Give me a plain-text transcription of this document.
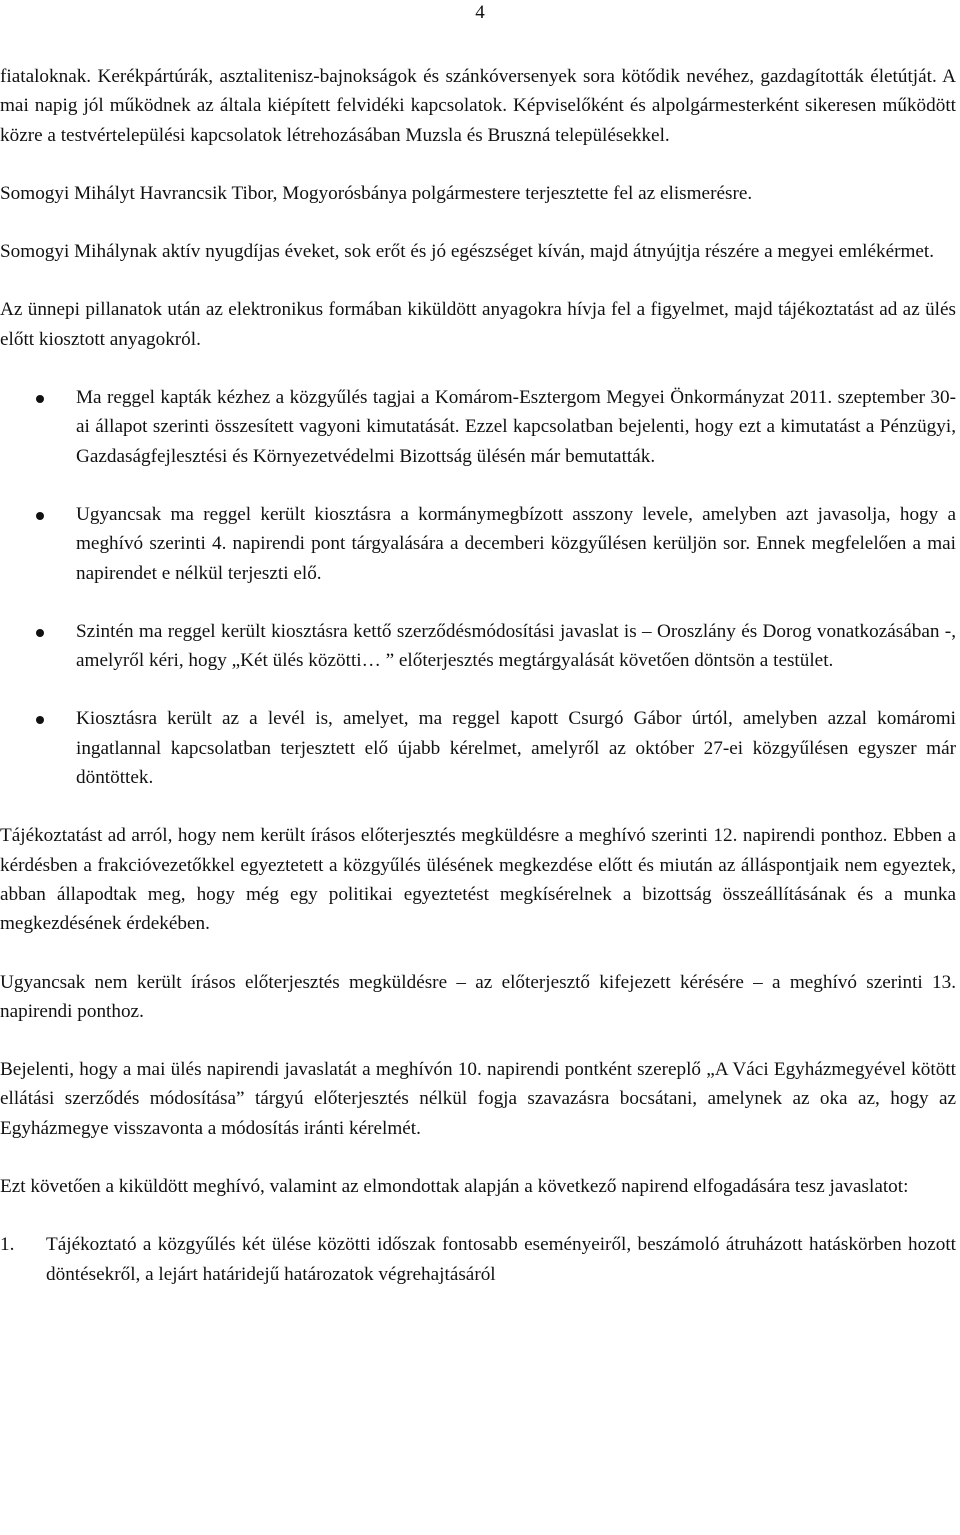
4

fiataloknak. Kerékpártúrák, asztalitenisz-bajnokságok és szánkóversenyek sora kötődik nevéhez, gazdagították életútját. A mai napig jól működnek az általa kiépített felvidéki kapcsolatok. Képviselőként és alpolgármesterként sikeresen működött közre a testvértelepülési kapcsolatok létrehozásában Muzsla és Bruszná településekkel.

Somogyi Mihályt Havrancsik Tibor, Mogyorósbánya polgármestere terjesztette fel az elismerésre.

Somogyi Mihálynak aktív nyugdíjas éveket, sok erőt és jó egészséget kíván, majd átnyújtja részére a megyei emlékérmet.

Az ünnepi pillanatok után az elektronikus formában kiküldött anyagokra hívja fel a figyelmet, majd tájékoztatást ad az ülés előtt kiosztott anyagokról.

Ma reggel kapták kézhez a közgyűlés tagjai a Komárom-Esztergom Megyei Önkormányzat 2011. szeptember 30-ai állapot szerinti összesített vagyoni kimutatását. Ezzel kapcsolatban bejelenti, hogy ezt a kimutatást a Pénzügyi, Gazdaságfejlesztési és Környezetvédelmi Bizottság ülésén már bemutatták.
Ugyancsak ma reggel került kiosztásra a kormánymegbízott asszony levele, amelyben azt javasolja, hogy a meghívó szerinti 4. napirendi pont tárgyalására a decemberi közgyűlésen kerüljön sor. Ennek megfelelően a mai napirendet e nélkül terjeszti elő.
Szintén ma reggel került kiosztásra kettő szerződésmódosítási javaslat is – Oroszlány és Dorog vonatkozásában -, amelyről kéri, hogy „Két ülés közötti… ” előterjesztés megtárgyalását követően döntsön a testület.
Kiosztásra került az a levél is, amelyet, ma reggel kapott Csurgó Gábor úrtól, amelyben azzal komáromi ingatlannal kapcsolatban terjesztett elő újabb kérelmet, amelyről az október 27-ei közgyűlésen egyszer már döntöttek.

Tájékoztatást ad arról, hogy nem került írásos előterjesztés megküldésre a meghívó szerinti 12. napirendi ponthoz. Ebben a kérdésben a frakcióvezetőkkel egyeztetett a közgyűlés ülésének megkezdése előtt és miután az álláspontjaik nem egyeztek, abban állapodtak meg, hogy még egy politikai egyeztetést megkísérelnek a bizottság összeállításának és a munka megkezdésének érdekében.

Ugyancsak nem került írásos előterjesztés megküldésre – az előterjesztő kifejezett kérésére – a meghívó szerinti 13. napirendi ponthoz.

Bejelenti, hogy a mai ülés napirendi javaslatát a meghívón 10. napirendi pontként szereplő „A Váci Egyházmegyével kötött ellátási szerződés módosítása” tárgyú előterjesztés nélkül fogja szavazásra bocsátani, amelynek az oka az, hogy az Egyházmegye visszavonta a módosítás iránti kérelmét.

Ezt követően a kiküldött meghívó, valamint az elmondottak alapján a következő napirend elfogadására tesz javaslatot:

1. Tájékoztató a közgyűlés két ülése közötti időszak fontosabb eseményeiről, beszámoló átruházott hatáskörben hozott döntésekről, a lejárt határidejű határozatok végrehajtásáról
